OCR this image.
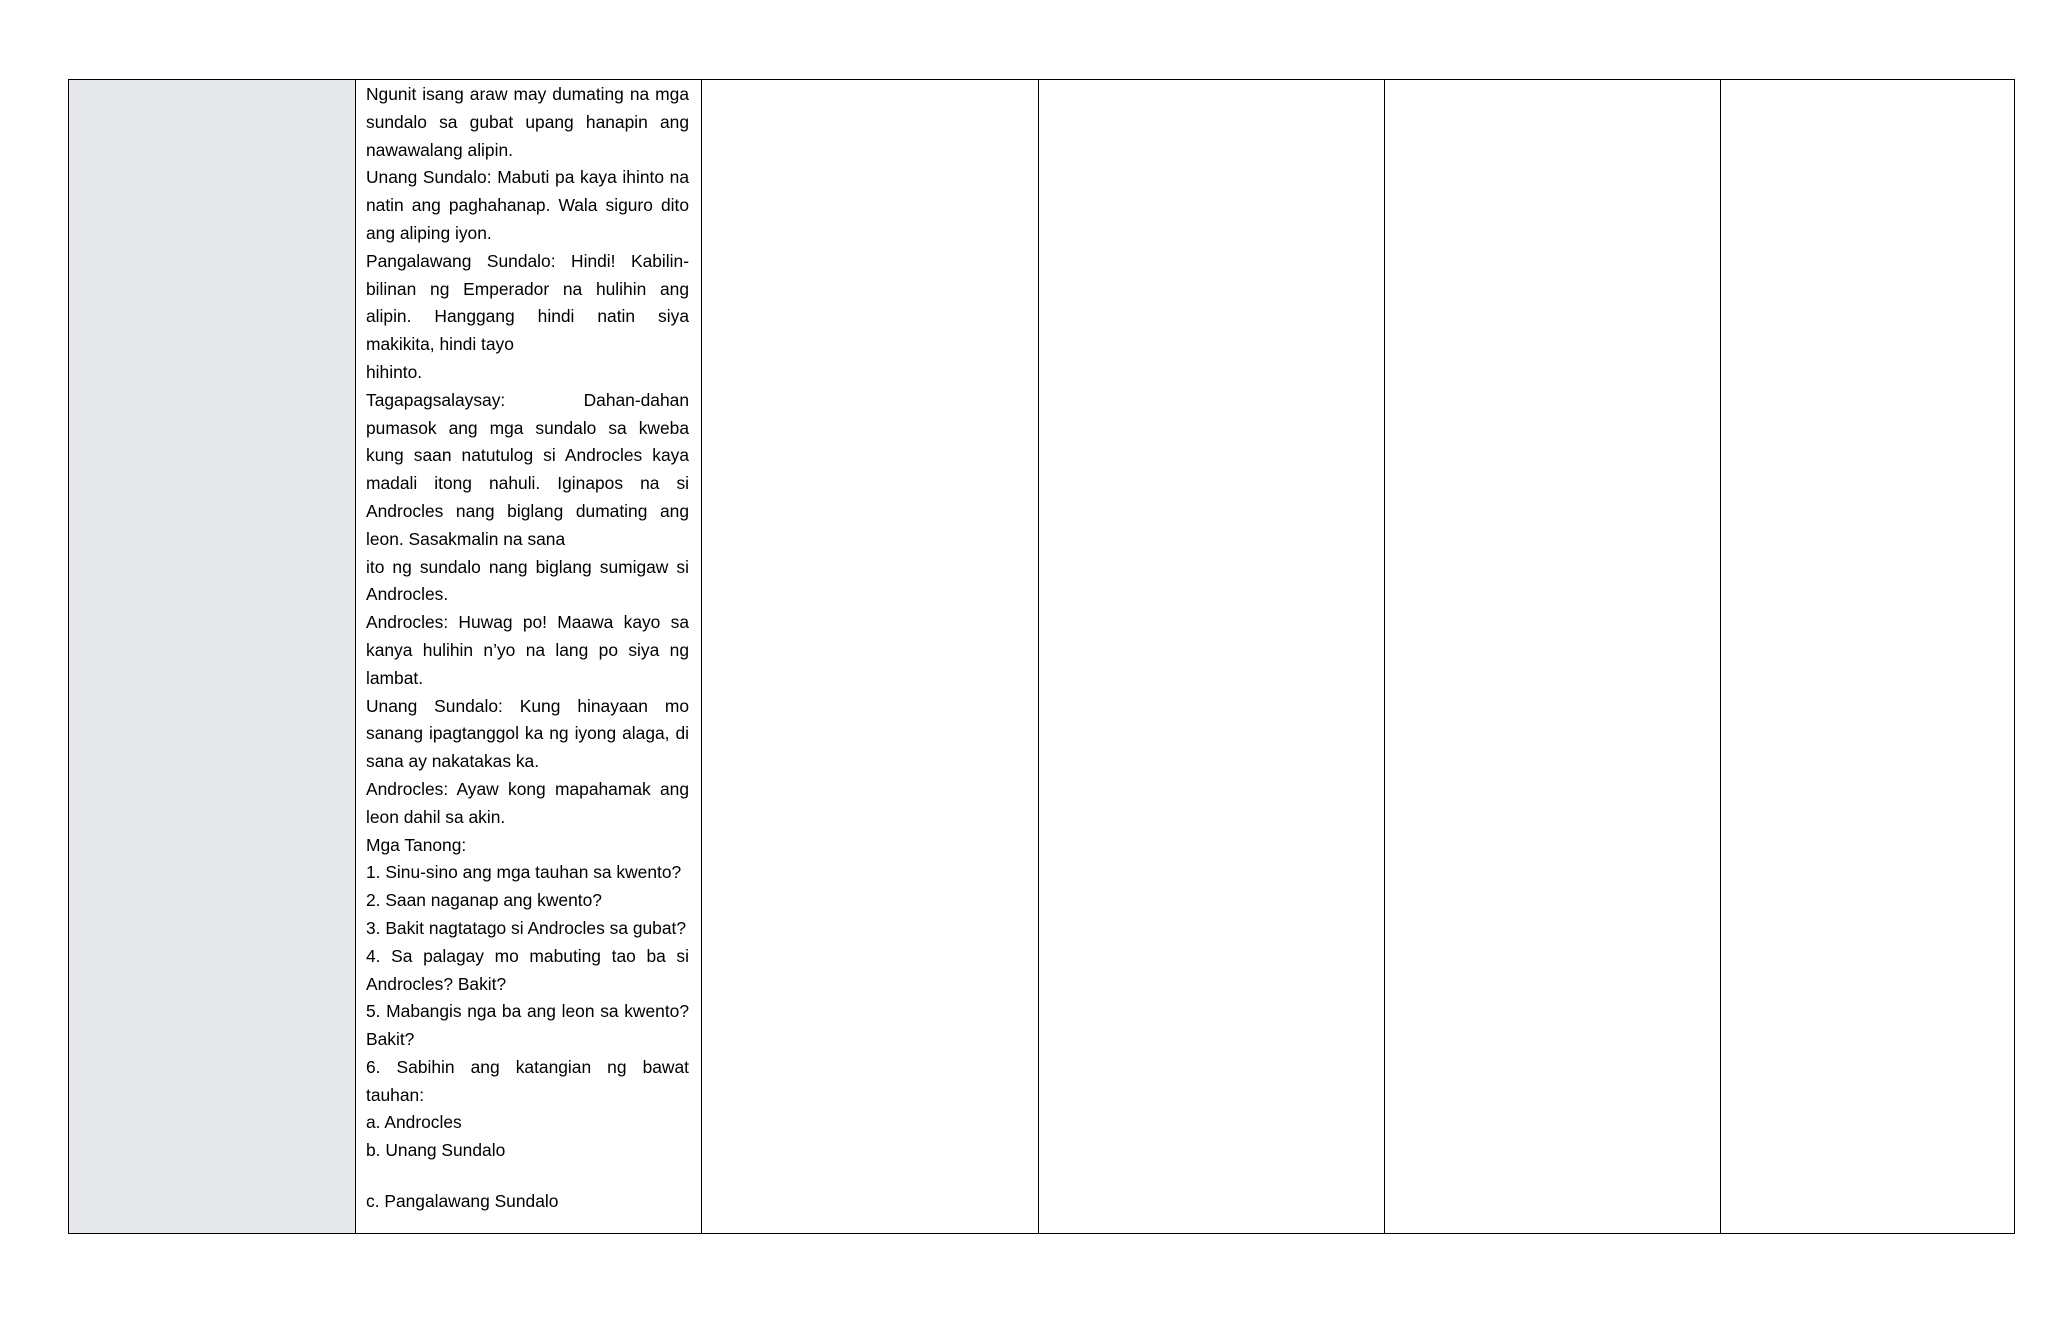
Ngunit isang araw may dumating na mga sundalo sa gubat upang hanapin ang nawawalang alipin.

Unang Sundalo: Mabuti pa kaya ihinto na natin ang paghahanap. Wala siguro dito ang aliping iyon.

Pangalawang Sundalo: Hindi! Kabilin-bilinan ng Emperador na hulihin ang alipin. Hanggang hindi natin siya makikita, hindi tayo

hihinto.

Tagapagsalaysay: Dahan-dahan pumasok ang mga sundalo sa kweba kung saan natutulog si Androcles kaya madali itong nahuli. Iginapos na si Androcles nang biglang dumating ang leon. Sasakmalin na sana

ito ng sundalo nang biglang sumigaw si Androcles.

Androcles: Huwag po! Maawa kayo sa kanya hulihin n’yo na lang po siya ng lambat.

Unang Sundalo: Kung hinayaan mo sanang ipagtanggol ka ng iyong alaga, di sana ay nakatakas ka.

Androcles: Ayaw kong mapahamak ang leon dahil sa akin.

Mga Tanong:

1. Sinu-sino ang mga tauhan sa kwento?

2. Saan naganap ang kwento?

3. Bakit nagtatago si Androcles sa gubat?

4. Sa palagay mo mabuting tao ba si Androcles? Bakit?

5. Mabangis nga ba ang leon sa kwento? Bakit?

6. Sabihin ang katangian ng bawat tauhan:

a. Androcles

b. Unang Sundalo

c. Pangalawang Sundalo
